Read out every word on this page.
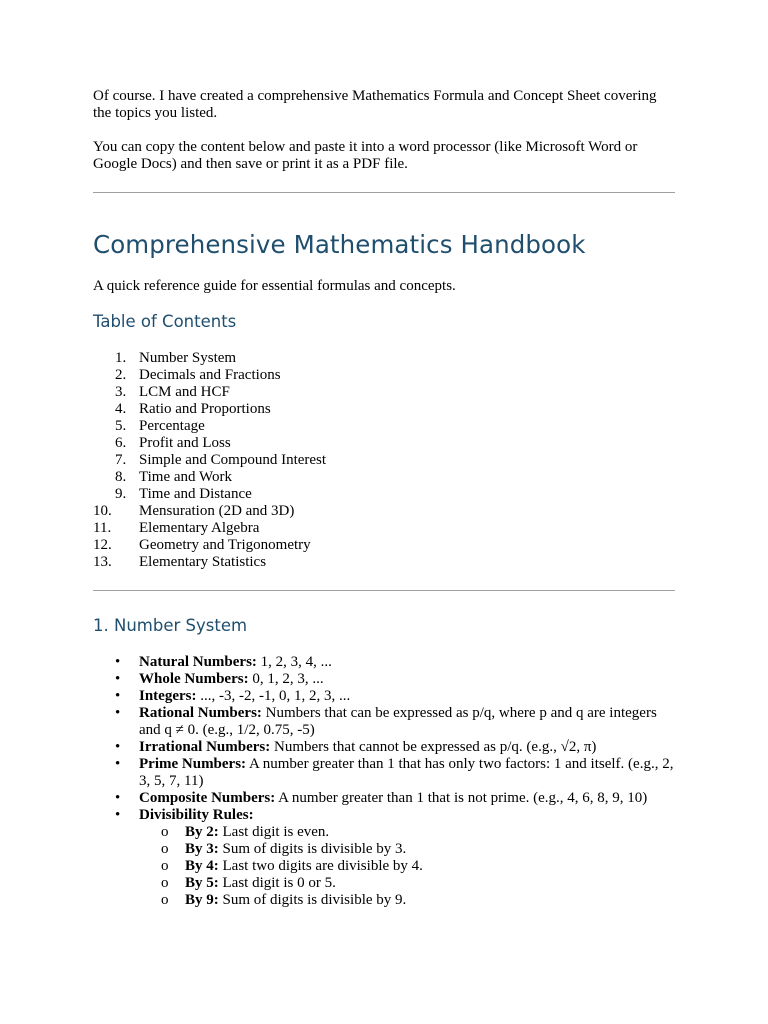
Of course. I have created a comprehensive Mathematics Formula and Concept Sheet covering the topics you listed.

You can copy the content below and paste it into a word processor (like Microsoft Word or Google Docs) and then save or print it as a PDF file.

Comprehensive Mathematics Handbook

A quick reference guide for essential formulas and concepts.

Table of Contents
1. Number System
2. Decimals and Fractions
3. LCM and HCF
4. Ratio and Proportions
5. Percentage
6. Profit and Loss
7. Simple and Compound Interest
8. Time and Work
9. Time and Distance
10. Mensuration (2D and 3D)
11. Elementary Algebra
12. Geometry and Trigonometry
13. Elementary Statistics
1. Number System
• Natural Numbers: 1, 2, 3, 4, ...
• Whole Numbers: 0, 1, 2, 3, ...
• Integers: ..., -3, -2, -1, 0, 1, 2, 3, ...
• Rational Numbers: Numbers that can be expressed as p/q, where p and q are integers and q ≠ 0. (e.g., 1/2, 0.75, -5)
• Irrational Numbers: Numbers that cannot be expressed as p/q. (e.g., √2, π)
• Prime Numbers: A number greater than 1 that has only two factors: 1 and itself. (e.g., 2, 3, 5, 7, 11)
• Composite Numbers: A number greater than 1 that is not prime. (e.g., 4, 6, 8, 9, 10)
• Divisibility Rules:
o By 2: Last digit is even.
o By 3: Sum of digits is divisible by 3.
o By 4: Last two digits are divisible by 4.
o By 5: Last digit is 0 or 5.
o By 9: Sum of digits is divisible by 9.
